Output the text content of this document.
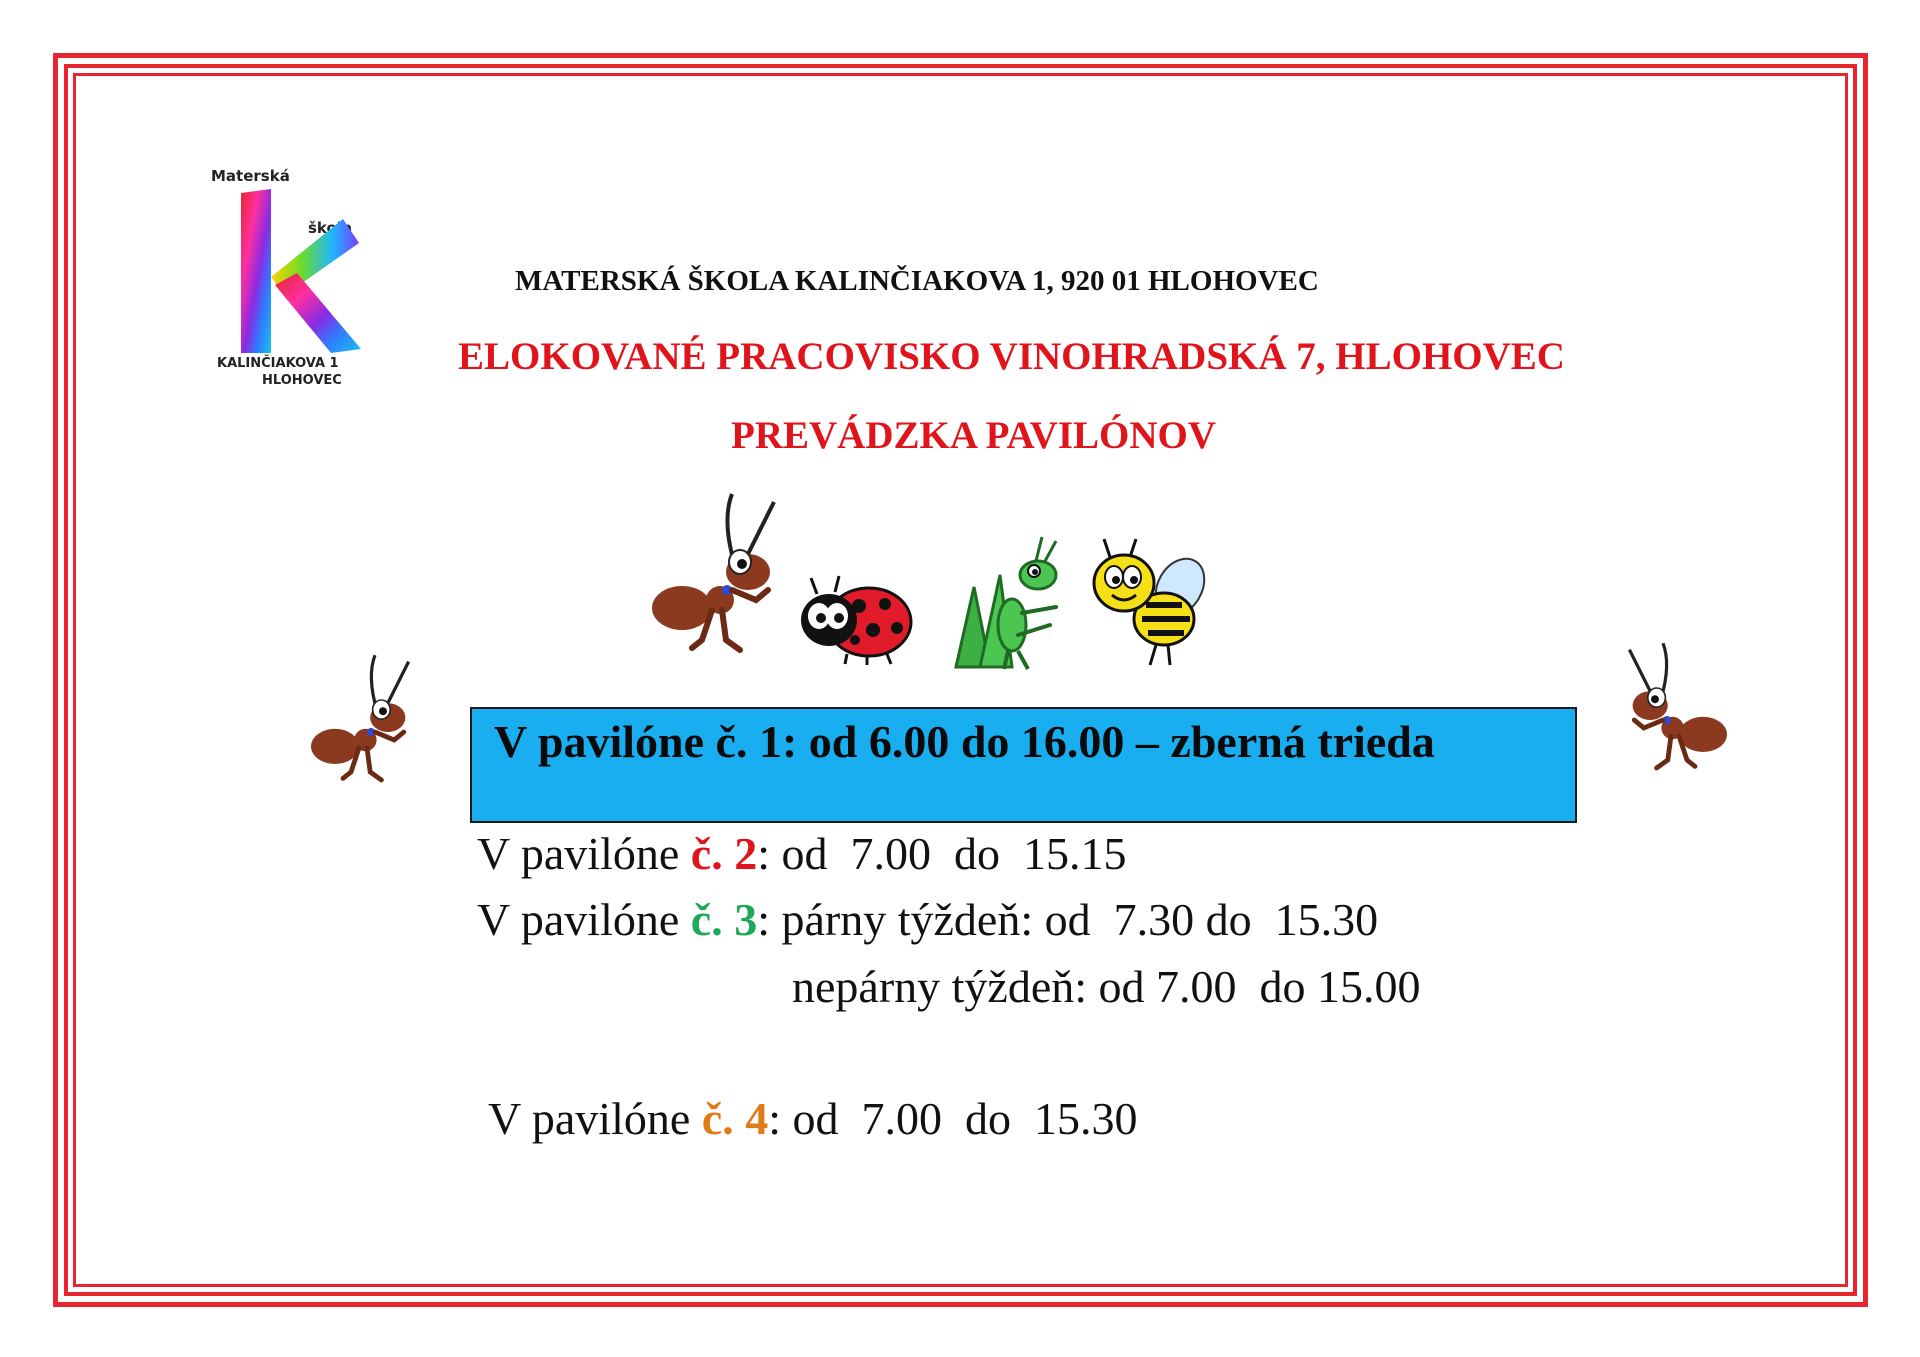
Materská
škola
KALINČIAKOVA 1
HLOHOVEC
MATERSKÁ ŠKOLA KALINČIAKOVA 1, 920 01 HLOHOVEC
ELOKOVANÉ PRACOVISKO VINOHRADSKÁ 7, HLOHOVEC
PREVÁDZKA PAVILÓNOV
V pavilóne č. 1: od 6.00 do 16.00 – zberná trieda
V pavilóne č. 2: od  7.00  do  15.15
V pavilóne č. 3: párny týždeň: od  7.30 do  15.30
nepárny týždeň: od 7.00  do 15.00
V pavilóne č. 4: od  7.00  do  15.30
